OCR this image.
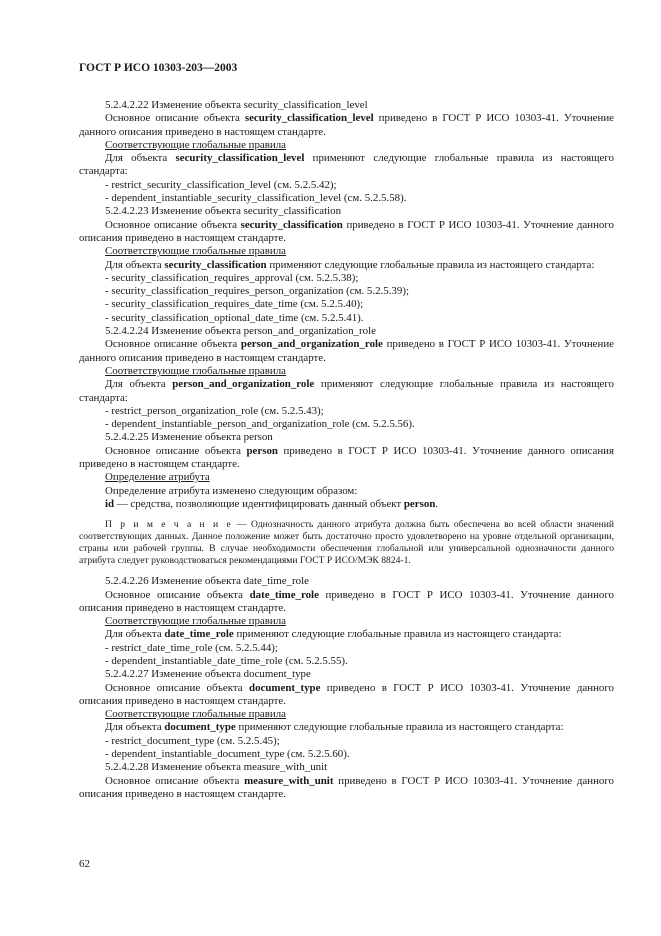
ГОСТ Р ИСО 10303-203—2003

5.2.4.2.22 Изменение объекта security_classification_level

Основное описание объекта security_classification_level приведено в ГОСТ Р ИСО 10303-41. Уточнение данного описания приведено в настоящем стандарте.

Соответствующие глобальные правила

Для объекта security_classification_level применяют следующие глобальные правила из настоящего стандарта:

- restrict_security_classification_level (см. 5.2.5.42);

- dependent_instantiable_security_classification_level (см. 5.2.5.58).

5.2.4.2.23 Изменение объекта security_classification

Основное описание объекта security_classification приведено в ГОСТ Р ИСО 10303-41. Уточнение данного описания приведено в настоящем стандарте.

Соответствующие глобальные правила

Для объекта security_classification применяют следующие глобальные правила из настоящего стандарта:

- security_classification_requires_approval (см. 5.2.5.38);

- security_classification_requires_person_organization (см. 5.2.5.39);

- security_classification_requires_date_time (см. 5.2.5.40);

- security_classification_optional_date_time (см. 5.2.5.41).

5.2.4.2.24 Изменение объекта person_and_organization_role

Основное описание объекта person_and_organization_role приведено в ГОСТ Р ИСО 10303-41. Уточнение данного описания приведено в настоящем стандарте.

Соответствующие глобальные правила

Для объекта person_and_organization_role применяют следующие глобальные правила из настоящего стандарта:

- restrict_person_organization_role (см. 5.2.5.43);

- dependent_instantiable_person_and_organization_role (см. 5.2.5.56).

5.2.4.2.25 Изменение объекта person

Основное описание объекта person приведено в ГОСТ Р ИСО 10303-41. Уточнение данного описания приведено в настоящем стандарте.

Определение атрибута

Определение атрибута изменено следующим образом:

id — средства, позволяющие идентифицировать данный объект person.

П р и м е ч а н и е — Однозначность данного атрибута должна быть обеспечена во всей области значений соответствующих данных. Данное положение может быть достаточно просто удовлетворено на уровне отдельной организации, страны или рабочей группы. В случае необходимости обеспечения глобальной или универсальной однозначности данного атрибута следует руководствоваться рекомендациями ГОСТ Р ИСО/МЭК 8824-1.

5.2.4.2.26 Изменение объекта date_time_role

Основное описание объекта date_time_role приведено в ГОСТ Р ИСО 10303-41. Уточнение данного описания приведено в настоящем стандарте.

Соответствующие глобальные правила

Для объекта date_time_role применяют следующие глобальные правила из настоящего стандарта:

- restrict_date_time_role (см. 5.2.5.44);

- dependent_instantiable_date_time_role (см. 5.2.5.55).

5.2.4.2.27 Изменение объекта document_type

Основное описание объекта document_type приведено в ГОСТ Р ИСО 10303-41. Уточнение данного описания приведено в настоящем стандарте.

Соответствующие глобальные правила

Для объекта document_type применяют следующие глобальные правила из настоящего стандарта:

- restrict_document_type (см. 5.2.5.45);

- dependent_instantiable_document_type (см. 5.2.5.60).

5.2.4.2.28 Изменение объекта measure_with_unit

Основное описание объекта measure_with_unit приведено в ГОСТ Р ИСО 10303-41. Уточнение данного описания приведено в настоящем стандарте.

62
